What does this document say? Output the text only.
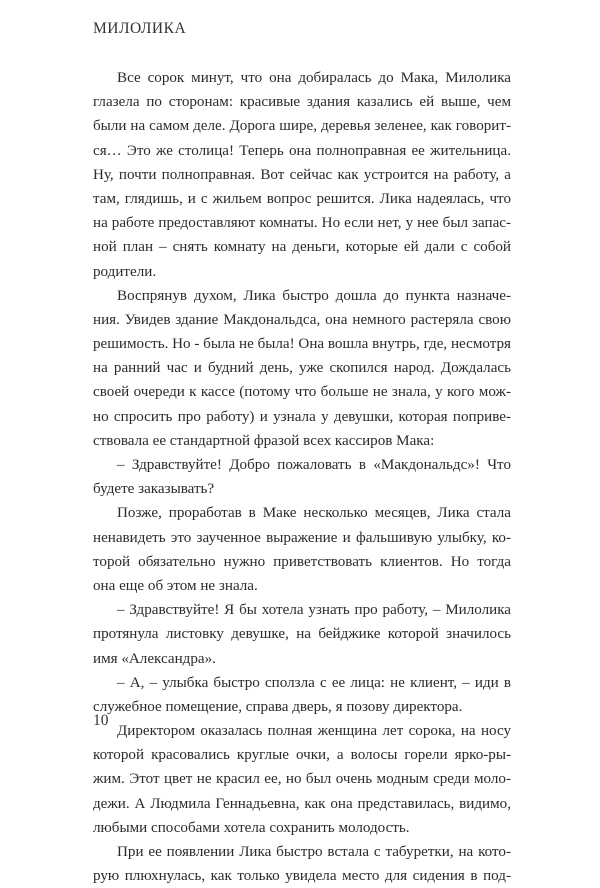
МИЛОЛИКА
Все сорок минут, что она добиралась до Мака, Милолика
глазела по сторонам: красивые здания казались ей выше, чем
были на самом деле. Дорога шире, деревья зеленее, как говорит-
ся… Это же столица! Теперь она полноправная ее жительница.
Ну, почти полноправная. Вот сейчас как устроится на работу, а
там, глядишь, и с жильем вопрос решится. Лика надеялась, что
на работе предоставляют комнаты. Но если нет, у нее был запас-
ной план – снять комнату на деньги, которые ей дали с собой
родители.
Воспрянув духом, Лика быстро дошла до пункта назначе-
ния. Увидев здание Макдональдса, она немного растеряла свою
решимость. Но - была не была! Она вошла внутрь, где, несмотря
на ранний час и будний день, уже скопился народ. Дождалась
своей очереди к кассе (потому что больше не знала, у кого мож-
но спросить про работу) и узнала у девушки, которая поприве-
ствовала ее стандартной фразой всех кассиров Мака:
– Здравствуйте! Добро пожаловать в «Макдональдс»! Что
будете заказывать?
Позже, проработав в Маке несколько месяцев, Лика стала
ненавидеть это заученное выражение и фальшивую улыбку, ко-
торой обязательно нужно приветствовать клиентов. Но тогда
она еще об этом не знала.
– Здравствуйте! Я бы хотела узнать про работу, – Милолика
протянула листовку девушке, на бейджике которой значилось
имя «Александра».
– А, – улыбка быстро сползла с ее лица: не клиент, – иди в
служебное помещение, справа дверь, я позову директора.
Директором оказалась полная женщина лет сорока, на носу
которой красовались круглые очки, а волосы горели ярко-ры-
жим. Этот цвет не красил ее, но был очень модным среди моло-
дежи. А Людмила Геннадьевна, как она представилась, видимо,
любыми способами хотела сохранить молодость.
При ее появлении Лика быстро встала с табуретки, на кото-
рую плюхнулась, как только увидела место для сидения в под-
10
